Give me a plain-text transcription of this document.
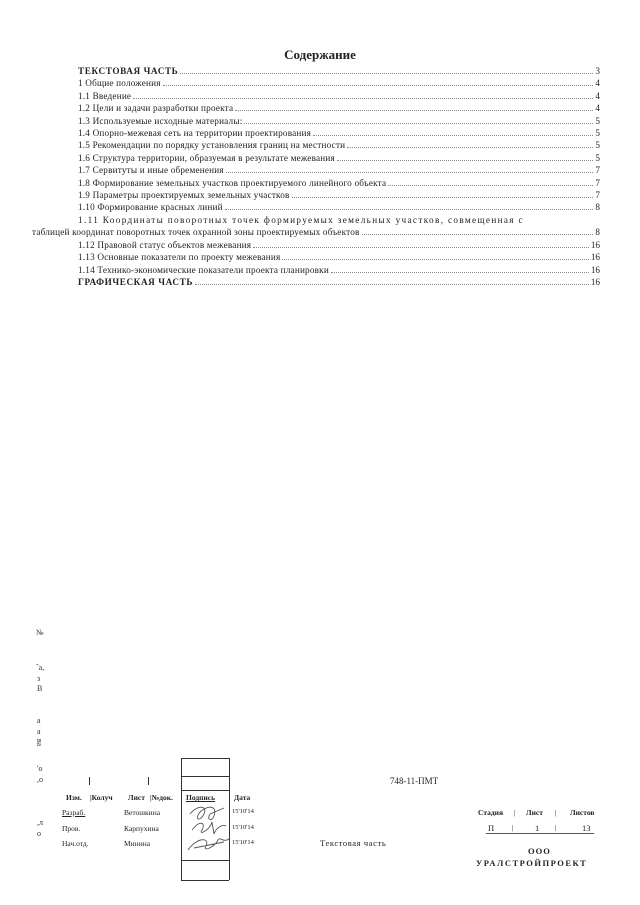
Содержание
ТЕКСТОВАЯ ЧАСТЬ	3
1 Общие положения	4
1.1 Введение	4
1.2 Цели и задачи разработки проекта	4
1.3 Используемые исходные материалы:	5
1.4 Опорно-межевая сеть на территории проектирования	5
1.5 Рекомендации по порядку установления границ на местности	5
1.6 Структура территории, образуемая в результате межевания	5
1.7 Сервитуты и иные обременения	7
1.8 Формирование земельных участков проектируемого линейного объекта	7
1.9 Параметры проектируемых земельных участков	7
1.10 Формирование красных линий	8
1.11 Координаты поворотных точек формируемых земельных участков, совмещенная с
таблицей координат поворотных точек охранной зоны проектируемых объектов	8
1.12 Правовой статус объектов межевания	16
1.13 Основные показатели по проекту межевания	16
1.14 Технико-экономические показатели проекта планировки	16
ГРАФИЧЕСКАЯ ЧАСТЬ	16
№
ˆа,
з
В
а
а
ва
'о
,о
,л
о
748-11-ПМТ
Изм. |Колуч Лист |№док. Подпись	Дата
Разраб.	Ветошкина	15'10'14
Пров.	Карпухина	15'10'14
Нач.отд.	Минина	15'10'14	Текстовая часть
Стадия | Лист | Листов
П |	1 |	13
ООО
УРАЛСТРОЙПРОЕКТ
